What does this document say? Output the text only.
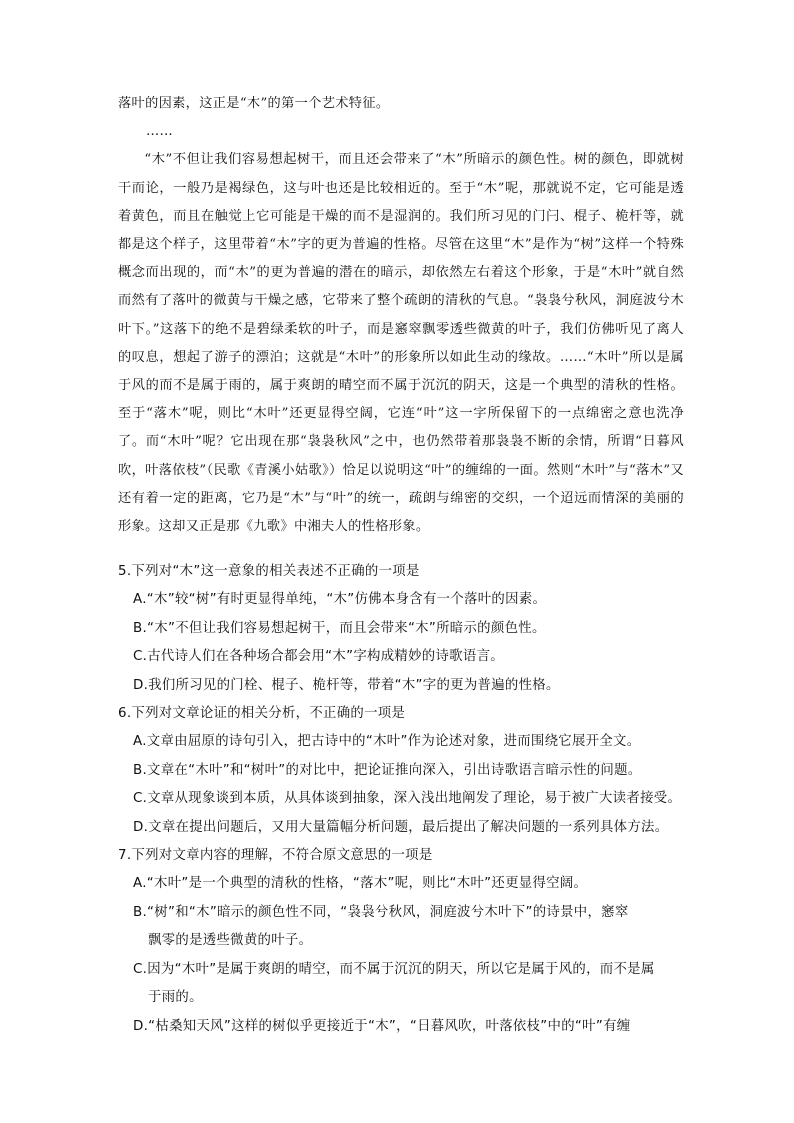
落叶的因素，这正是“木”的第一个艺术特征。

……

“木”不但让我们容易想起树干，而且还会带来了“木”所暗示的颜色性。树的颜色，即就树干而论，一般乃是褐绿色，这与叶也还是比较相近的。至于“木”呢，那就说不定，它可能是透着黄色，而且在触觉上它可能是干燥的而不是湿润的。我们所习见的门闩、棍子、桅杆等，就都是这个样子，这里带着“木”字的更为普遍的性格。尽管在这里“木”是作为“树”这样一个特殊概念而出现的，而“木”的更为普遍的潜在的暗示，却依然左右着这个形象，于是“木叶”就自然而然有了落叶的微黄与干燥之感，它带来了整个疏朗的清秋的气息。“袅袅兮秋风，洞庭波兮木叶下。”这落下的绝不是碧绿柔软的叶子，而是窸窣飘零透些微黄的叶子，我们仿佛听见了离人的叹息，想起了游子的漂泊；这就是“木叶”的形象所以如此生动的缘故。……“木叶”所以是属于风的而不是属于雨的，属于爽朗的晴空而不属于沉沉的阴天，这是一个典型的清秋的性格。至于“落木”呢，则比“木叶”还更显得空阔，它连“叶”这一字所保留下的一点绵密之意也洗净了。而“木叶”呢？它出现在那“袅袅秋风”之中，也仍然带着那袅袅不断的余情，所谓“日暮风吹，叶落依枝”（民歌《青溪小姑歌》）恰足以说明这“叶”的缠绵的一面。然则“木叶”与“落木”又还有着一定的距离，它乃是“木”与“叶”的统一，疏朗与绵密的交织，一个迢远而情深的美丽的形象。这却又正是那《九歌》中湘夫人的性格形象。

5.下列对“木”这一意象的相关表述不正确的一项是

A.“木”较“树”有时更显得单纯，“木”仿佛本身含有一个落叶的因素。

B.“木”不但让我们容易想起树干，而且会带来“木”所暗示的颜色性。

C.古代诗人们在各种场合都会用“木”字构成精妙的诗歌语言。

D.我们所习见的门栓、棍子、桅杆等，带着“木”字的更为普遍的性格。

6.下列对文章论证的相关分析，不正确的一项是

A.文章由屈原的诗句引入，把古诗中的“木叶”作为论述对象，进而围绕它展开全文。

B.文章在“木叶”和“树叶”的对比中，把论证推向深入，引出诗歌语言暗示性的问题。

C.文章从现象谈到本质，从具体谈到抽象，深入浅出地阐发了理论，易于被广大读者接受。

D.文章在提出问题后，又用大量篇幅分析问题，最后提出了解决问题的一系列具体方法。

7.下列对文章内容的理解，不符合原文意思的一项是

A.“木叶”是一个典型的清秋的性格，“落木”呢，则比“木叶”还更显得空阔。

B.“树”和“木”暗示的颜色性不同，“袅袅兮秋风，洞庭波兮木叶下”的诗景中，窸窣
飘零的是透些微黄的叶子。

C.因为“木叶”是属于爽朗的晴空，而不属于沉沉的阴天，所以它是属于风的，而不是属
于雨的。

D.“枯桑知天风”这样的树似乎更接近于“木”，“日暮风吹，叶落依枝”中的“叶”有缠
